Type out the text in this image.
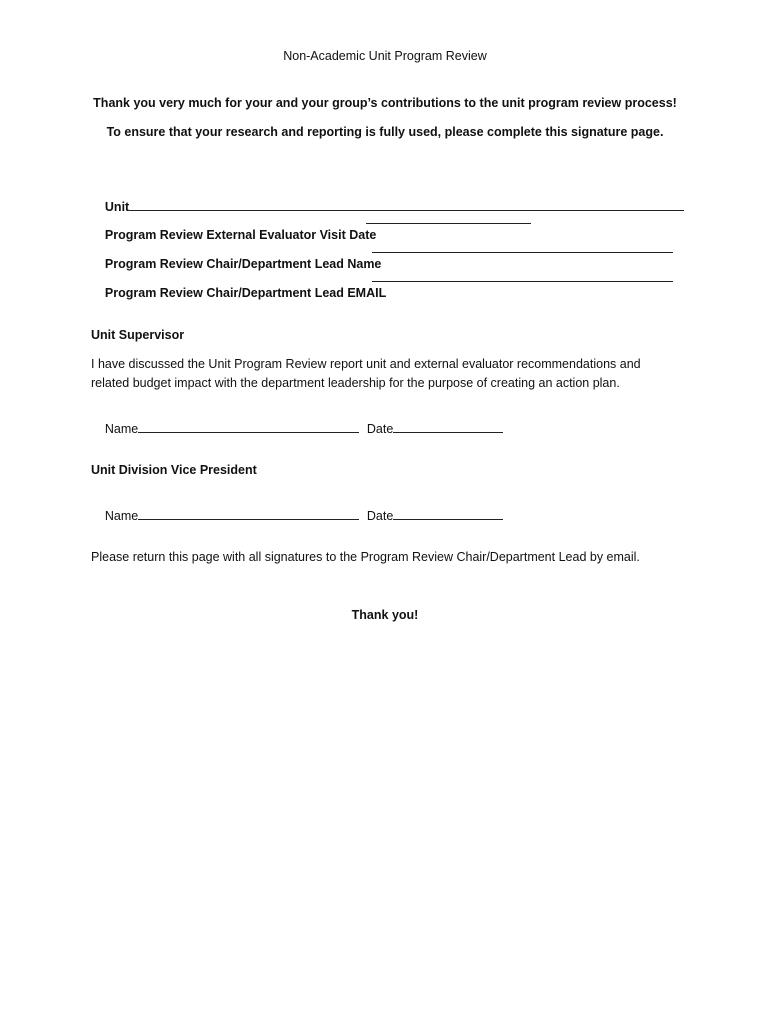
Non-Academic Unit Program Review
Thank you very much for your and your group’s contributions to the unit program review process!
To ensure that your research and reporting is fully used, please complete this signature page.

Unit

Program Review External Evaluator Visit Date

Program Review Chair/Department Lead Name

Program Review Chair/Department Lead EMAIL

Unit Supervisor
I have discussed the Unit Program Review report unit and external evaluator recommendations and
related budget impact with the department leadership for the purpose of creating an action plan.

Name
	Date

Unit Division Vice President

Name
	Date

Please return this page with all signatures to the Program Review Chair/Department Lead by email.
Thank you!
